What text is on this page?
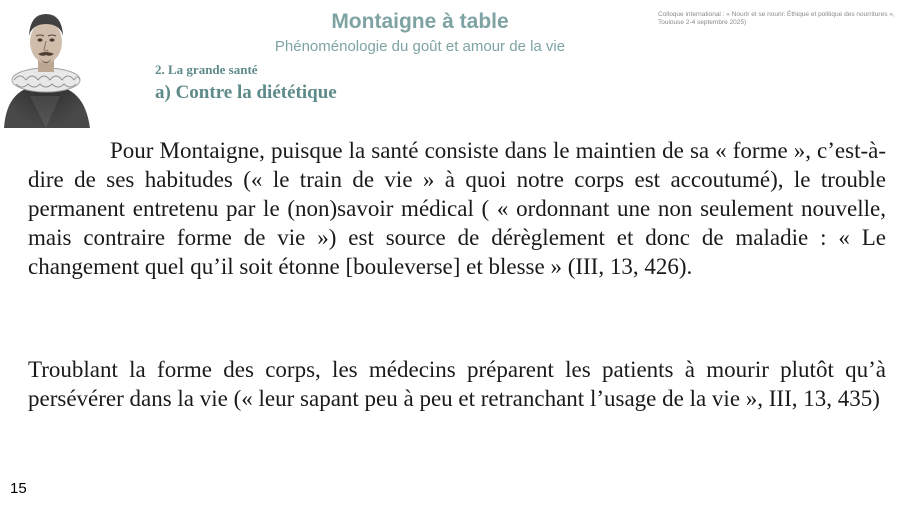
Montaigne à table
Phénoménologie du goût et amour de la vie
Colloque international : « Nourir et se nourir. Éthique et politique des nourritures », Toulouse 2-4 septembre 2025)
2. La grande santé
a) Contre la diététique

Pour Montaigne, puisque la santé consiste dans le maintien de sa « forme », c’est-à-dire de ses habitudes (« le train de vie » à quoi notre corps est accoutumé), le trouble permanent entretenu par le (non)savoir médical ( « ordonnant une non seulement nouvelle, mais contraire forme de vie ») est source de dérèglement et donc de maladie : « Le changement quel qu’il soit étonne [bouleverse] et blesse » (III, 13, 426).

Troublant la forme des corps, les médecins préparent les patients à mourir plutôt qu’à persévérer dans la vie (« leur sapant peu à peu et retranchant l’usage de la vie », III, 13, 435)

15
